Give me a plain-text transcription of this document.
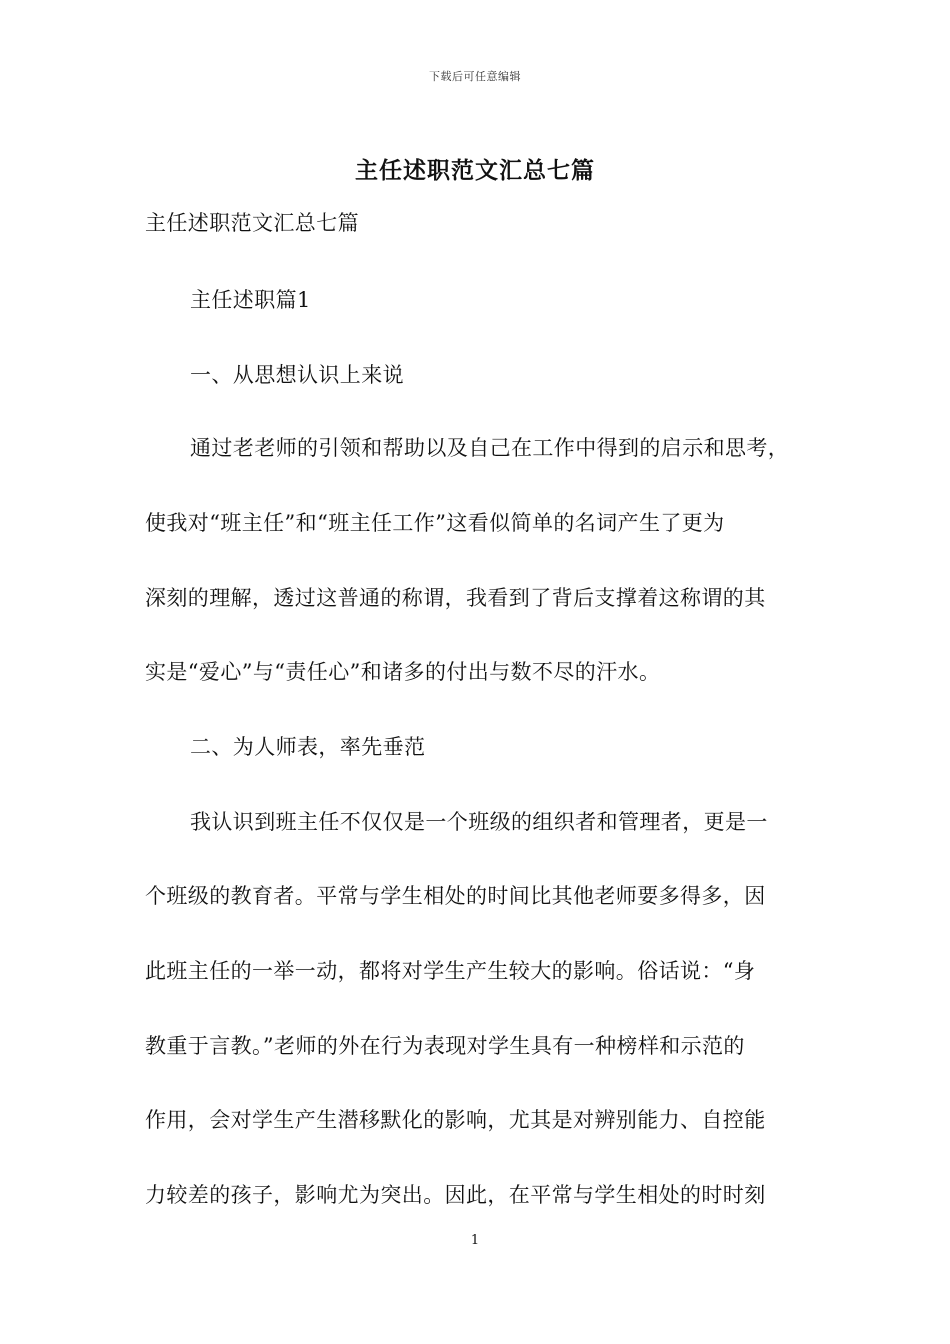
下载后可任意编辑
主任述职范文汇总七篇
主任述职范文汇总七篇
主任述职篇1
一、从思想认识上来说
通过老老师的引领和帮助以及自己在工作中得到的启示和思考，
使我对“班主任”和“班主任工作”这看似简单的名词产生了更为
深刻的理解，透过这普通的称谓，我看到了背后支撑着这称谓的其
实是“爱心”与“责任心”和诸多的付出与数不尽的汗水。
二、为人师表，率先垂范
我认识到班主任不仅仅是一个班级的组织者和管理者，更是一
个班级的教育者。平常与学生相处的时间比其他老师要多得多，因
此班主任的一举一动，都将对学生产生较大的影响。俗话说：“身
教重于言教。”老师的外在行为表现对学生具有一种榜样和示范的
作用，会对学生产生潜移默化的影响，尤其是对辨别能力、自控能
力较差的孩子，影响尤为突出。因此，在平常与学生相处的时时刻
1
